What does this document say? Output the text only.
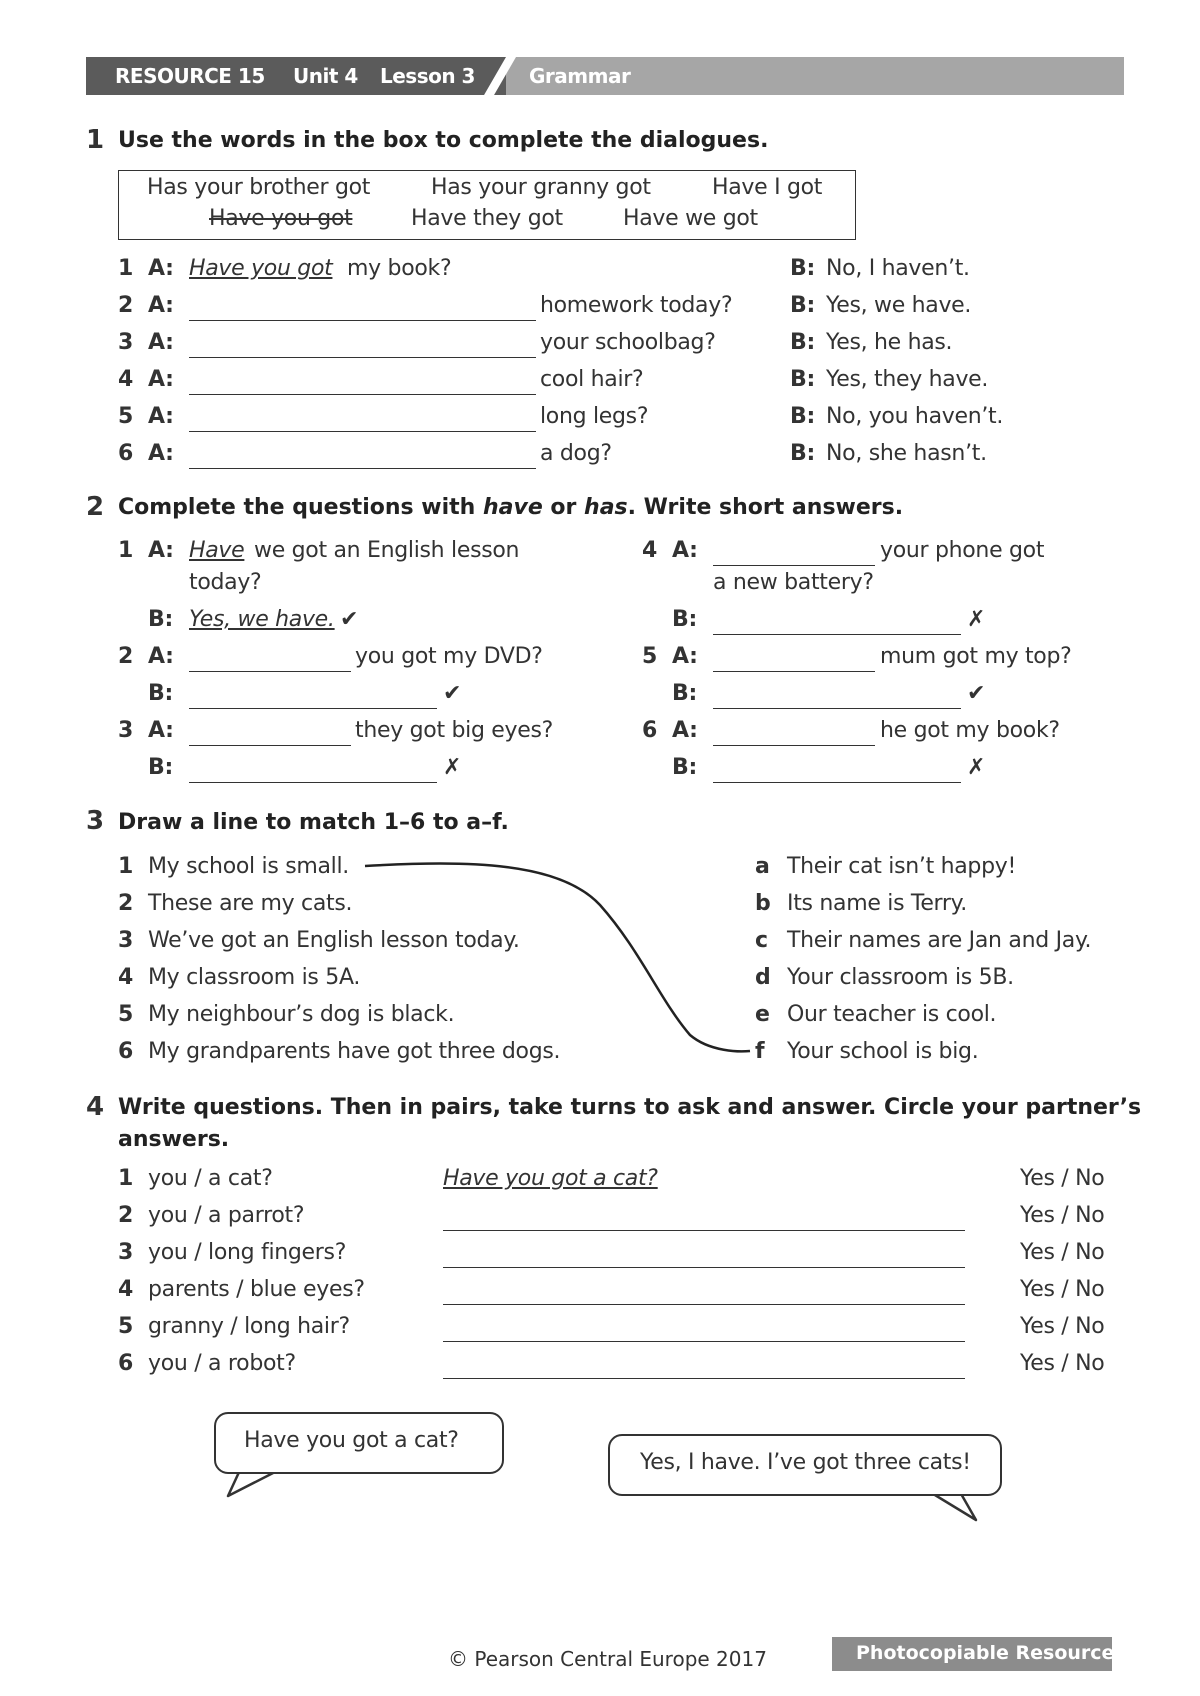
RESOURCE 15 Unit 4 Lesson 3	Grammar
1 Use the words in the box to complete the dialogues.
Has your brother got	Has your granny got	Have I got
Have you got	Have they got	Have we got
1 A: Have you got my book?	B: No, I haven’t.
2 A:	homework today?	B: Yes, we have.
3 A:	your schoolbag?	B: Yes, he has.
4 A:	cool hair?	B: Yes, they have.
5 A:	long legs?	B: No, you haven’t.
6 A:	a dog?	B: No, she hasn’t.
2 Complete the questions with have or has. Write short answers.
1 A: Have we got an English lesson
today?
B: Yes, we have. ✔
2 A:	you got my DVD?
B:	✔
3 A:	they got big eyes?
B:	✗
4 A:	your phone got
a new battery?
B:	✗
5 A:	mum got my top?
B:	✔
6 A:	he got my book?
B:	✗
3 Draw a line to match 1–6 to a–f.
1 My school is small.
2 These are my cats.
3 We’ve got an English lesson today.
4 My classroom is 5A.
5 My neighbour’s dog is black.
6 My grandparents have got three dogs.
a Their cat isn’t happy!
b Its name is Terry.
c Their names are Jan and Jay.
d Your classroom is 5B.
e Our teacher is cool.
f Your school is big.
4 Write questions. Then in pairs, take turns to ask and answer. Circle your partner’s
answers.
1 you / a cat?	Have you got a cat?	Yes / No
2 you / a parrot?	Yes / No
3 you / long fingers?	Yes / No
4 parents / blue eyes?	Yes / No
5 granny / long hair?	Yes / No
6 you / a robot?	Yes / No
Have you got a cat?
Yes, I have. I’ve got three cats!
© Pearson Central Europe 2017	Photocopiable Resources
